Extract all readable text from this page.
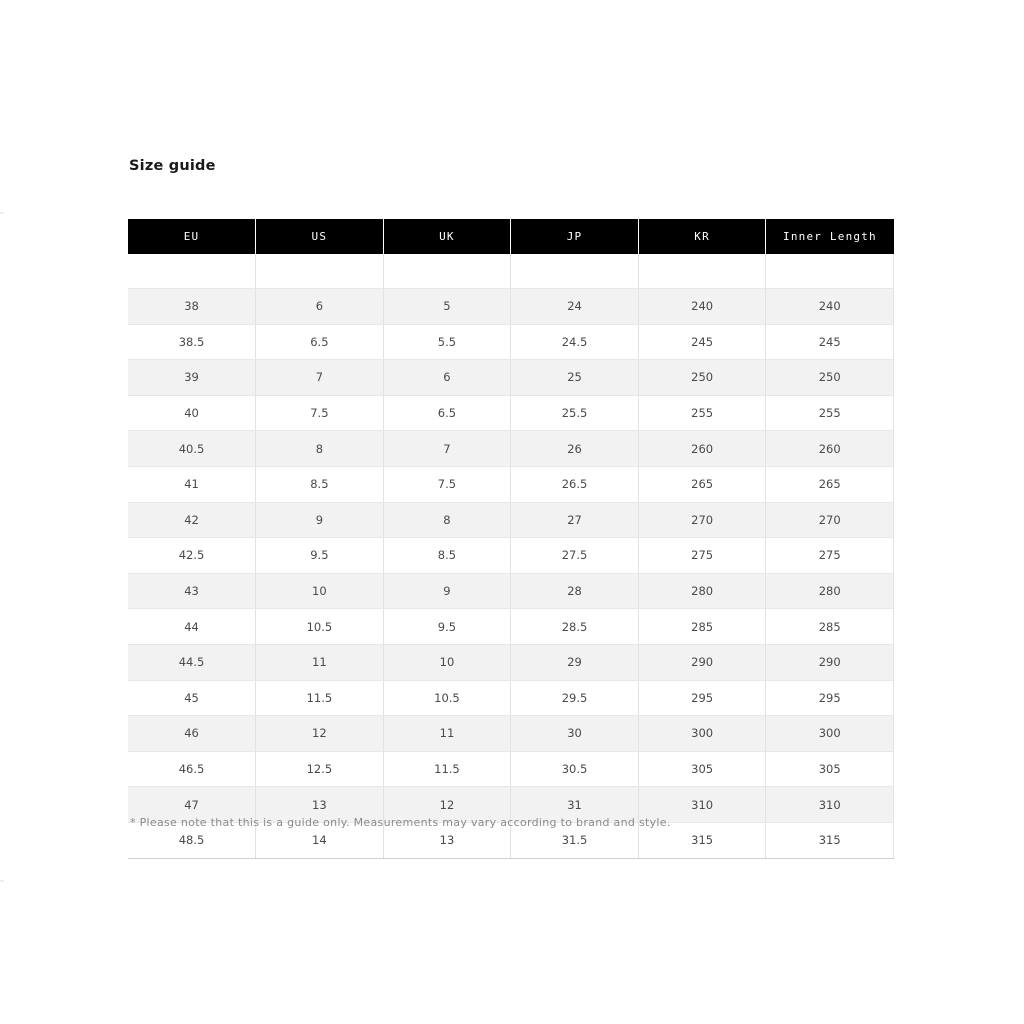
Size guide
EU	US	UK	JP	KR	Inner Length

38	6	5	24	240	240
38.5	6.5	5.5	24.5	245	245
39	7	6	25	250	250
40	7.5	6.5	25.5	255	255
40.5	8	7	26	260	260
41	8.5	7.5	26.5	265	265
42	9	8	27	270	270
42.5	9.5	8.5	27.5	275	275
43	10	9	28	280	280
44	10.5	9.5	28.5	285	285
44.5	11	10	29	290	290
45	11.5	10.5	29.5	295	295
46	12	11	30	300	300
46.5	12.5	11.5	30.5	305	305
47	13	12	31	310	310
48.5	14	13	31.5	315	315
* Please note that this is a guide only. Measurements may vary according to brand and style.
